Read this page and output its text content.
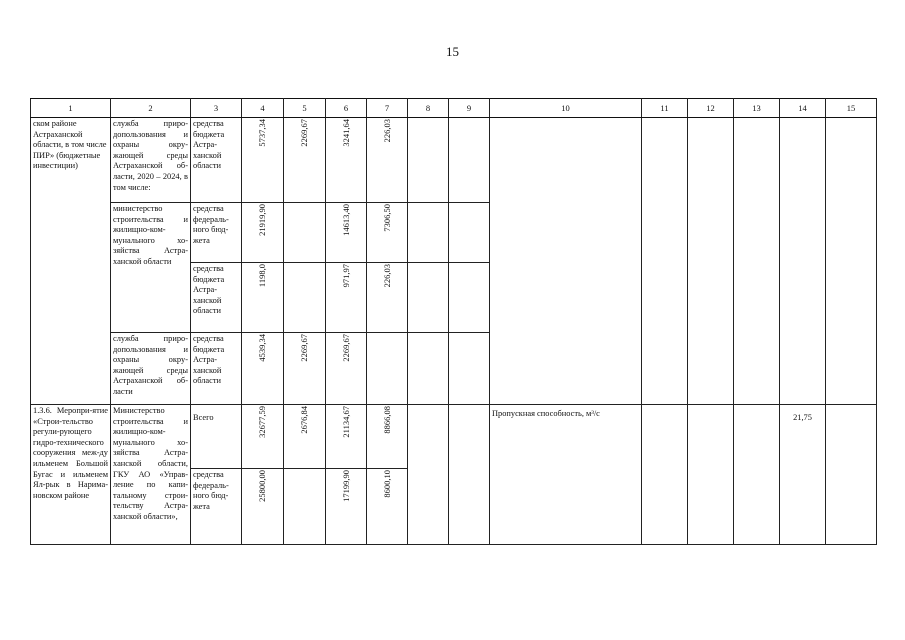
15
1	2	3	4	5	6	7	8	9	10	11	12	13	14	15
ском районе Астраханской области, в том числе ПИР» (бюджетные инвестиции)	служба приро-допользования и охраны окру-жающей среды Астраханской об-ласти, 2020 – 2024, в том числе:	средства бюджета Астра-ханской области	5737,34	2269,67	3241,64	226,03								
	министерство строительства и жилищно-ком-мунального хо-зяйства Астра-ханской области	средства федераль-ного бюд-жета	21919,90		14613,40	7306,50								
		средства бюджета Астра-ханской области	1198,0		971,97	226,03								
	служба приро-допользования и охраны окру-жающей среды Астраханской об-ласти	средства бюджета Астра-ханской области	4539,34	2269,67	2269,67									
1.3.6. Меропри-ятие «Строи-тельство регули-рующего гидро-технического сооружения меж-ду ильменем Большой Бугас и ильменем Ял-рык в Нарима-новском районе	Министерство строительства и жилищно-ком-мунального хо-зяйства Астра-ханской области, ГКУ АО «Управ-ление по капи-тальному строи-тельству Астра-ханской области»,	Всего	32677,59	2676,84	21134,67	8866,08			Пропускная способность, м³/с				21,75	
		средства федераль-ного бюд-жета	25800,00		17199,90	8600,10								
